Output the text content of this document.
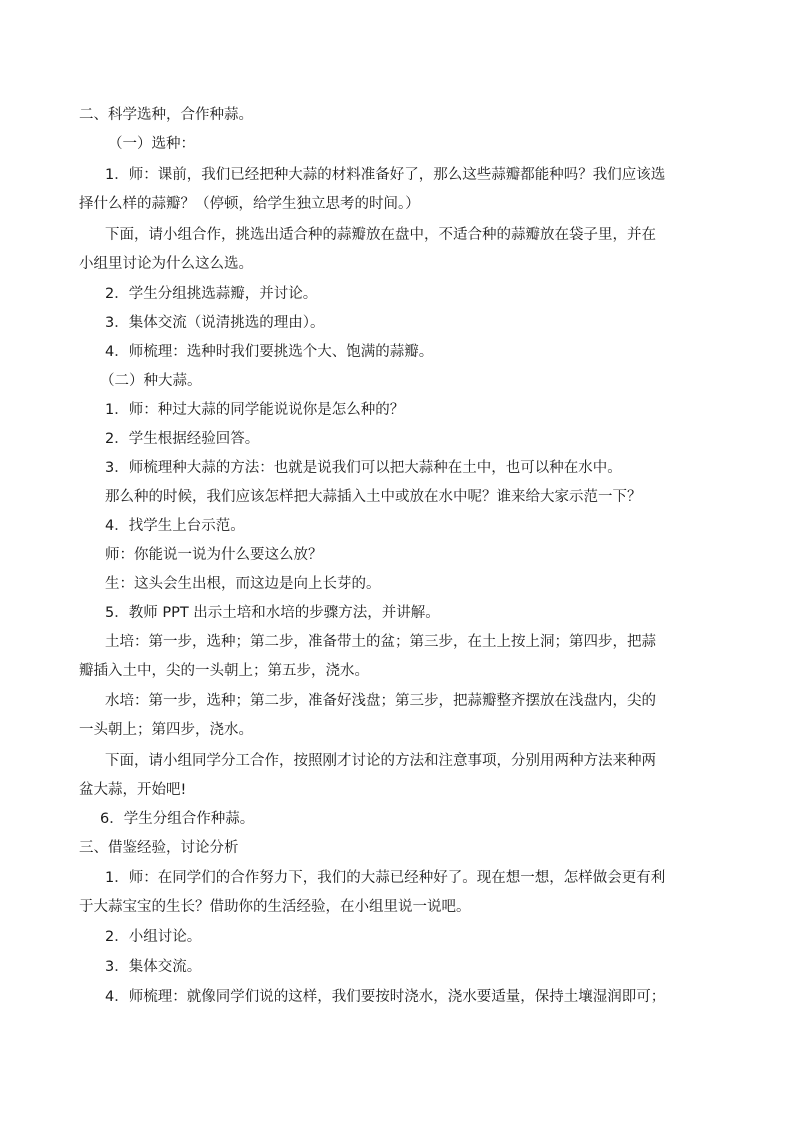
二、科学选种，合作种蒜。
（一）选种：
1．师：课前，我们已经把种大蒜的材料准备好了，那么这些蒜瓣都能种吗？我们应该选
择什么样的蒜瓣？（停顿，给学生独立思考的时间。）
下面，请小组合作，挑选出适合种的蒜瓣放在盘中，不适合种的蒜瓣放在袋子里，并在
小组里讨论为什么这么选。
2．学生分组挑选蒜瓣，并讨论。
3．集体交流（说清挑选的理由）。
4．师梳理：选种时我们要挑选个大、饱满的蒜瓣。
（二）种大蒜。
1．师：种过大蒜的同学能说说你是怎么种的？
2．学生根据经验回答。
3．师梳理种大蒜的方法：也就是说我们可以把大蒜种在土中，也可以种在水中。
那么种的时候，我们应该怎样把大蒜插入土中或放在水中呢？谁来给大家示范一下？
4．找学生上台示范。
师：你能说一说为什么要这么放？
生：这头会生出根，而这边是向上长芽的。
5．教师 PPT 出示土培和水培的步骤方法，并讲解。
土培：第一步，选种；第二步，准备带土的盆；第三步，在土上按上洞；第四步，把蒜
瓣插入土中，尖的一头朝上；第五步，浇水。
水培：第一步，选种；第二步，准备好浅盘；第三步，把蒜瓣整齐摆放在浅盘内，尖的
一头朝上；第四步，浇水。
下面，请小组同学分工合作，按照刚才讨论的方法和注意事项，分别用两种方法来种两
盆大蒜，开始吧!
6．学生分组合作种蒜。
三、借鉴经验，讨论分析
1．师：在同学们的合作努力下，我们的大蒜已经种好了。现在想一想，怎样做会更有利
于大蒜宝宝的生长？借助你的生活经验，在小组里说一说吧。
2．小组讨论。
3．集体交流。
4．师梳理：就像同学们说的这样，我们要按时浇水，浇水要适量，保持土壤湿润即可；
